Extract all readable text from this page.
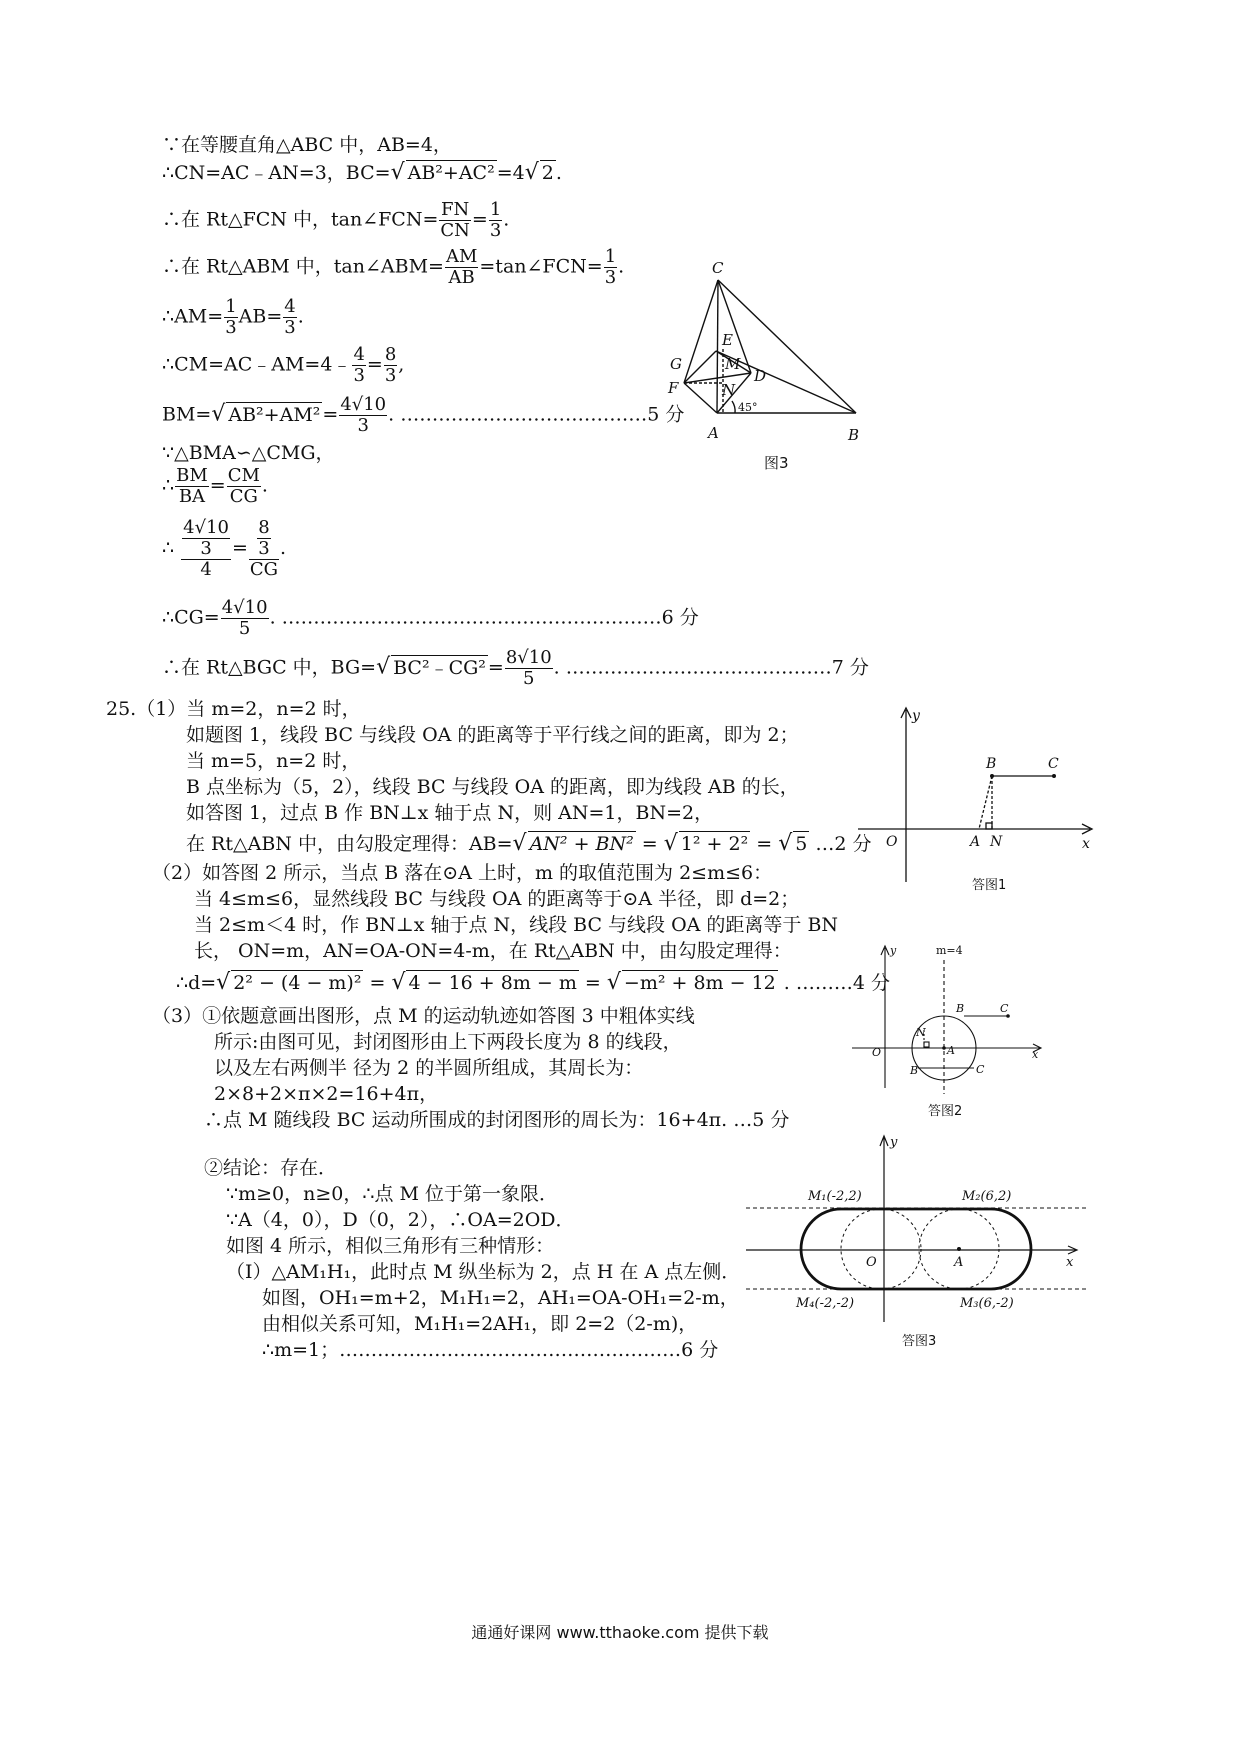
∵在等腰直角△ABC 中，AB=4，
∴CN=AC﹣AN=3，BC=√ AB²+AC² =4√ 2 .
∴在 Rt△FCN 中，tan∠FCN= $\frac{FN}{CN} = \frac{1}{3}$ .
∴在 Rt△ABM 中，tan∠ABM= $\frac{AM}{AB}$ =tan∠FCN= $\frac{1}{3}$ .
∴AM= $\frac{1}{3} AB= \frac{4}{3}$ .
∴CM=AC﹣AM=4﹣ $\frac{4}{3} = \frac{8}{3}$ ,
BM=√ $AB^2+AM^2 = \frac{4√10}{3}$ . …………………………………5 分
∵△BMA∽△CMG，
∴ $\frac{BM}{BA} = \frac{CM}{CG}$ .
∴ $\frac{\frac{4√10}{3}}{4} = \frac{\frac{8}{3}}{CG}$ .
∴CG= $\frac{4√10}{5}$ . ……………………………………………………6 分
∴在 Rt△BGC 中，BG=√ BC²﹣CG² = $\frac{8√10}{5}$ . ……………………………………7 分
C
E
G	M
D
F	N
A	B
45°
图3
25.（1）当 m=2，n=2 时，
如题图 1，线段 BC 与线段 OA 的距离等于平行线之间的距离，即为 2；
当 m=5，n=2 时，
B 点坐标为（5，2），线段 BC 与线段 OA 的距离，即为线段 AB 的长，
如答图 1，过点 B 作 BN⊥x 轴于点 N，则 AN=1，BN=2，
在 Rt△ABN 中，由勾股定理得：AB=√ AN² + BN² = √ 1² + 2² = √ 5 …2 分
（2）如答图 2 所示，当点 B 落在⊙A 上时，m 的取值范围为 2≤m≤6：
当 4≤m≤6，显然线段 BC 与线段 OA 的距离等于⊙A 半径，即 d=2；
当 2≤m＜4 时，作 BN⊥x 轴于点 N，线段 BC 与线段 OA 的距离等于 BN
长， ON=m，AN=OA-ON=4-m，在 Rt△ABN 中，由勾股定理得：
∴d=√ 2² − (4 − m)² = √ 4 − 16 + 8m − m = √ −m² + 8m − 12 . ………4 分
（3）①依题意画出图形，点 M 的运动轨迹如答图 3 中粗体实线
所示:由图可见，封闭图形由上下两段长度为 8 的线段，
以及左右两侧半 径为 2 的半圆所组成，其周长为：
2×8+2×π×2=16+4π，
∴点 M 随线段 BC 运动所围成的封闭图形的周长为：16+4π. …5 分
②结论：存在．
∵m≥0，n≥0，∴点 M 位于第一象限．
∵A（4，0），D（0，2），∴OA=2OD．
如图 4 所示，相似三角形有三种情形：
（I）△AM₁H₁，此时点 M 纵坐标为 2，点 H 在 A 点左侧．
如图，OH₁=m+2，M₁H₁=2，AH₁=OA-OH₁=2-m，
由相似关系可知，M₁H₁=2AH₁，即 2=2（2-m)，
∴m=1；………………………………………………6 分
y
B	C
O	A N	x
答图1
y	m=4
B	C
N
O	A	x
B	C
答图2
y
M₁(-2,2)	M₂(6,2)
O	A	x
M₄(-2,-2)	M₃(6,-2)
答图3
通通好课网 www.tthaoke.com 提供下载
